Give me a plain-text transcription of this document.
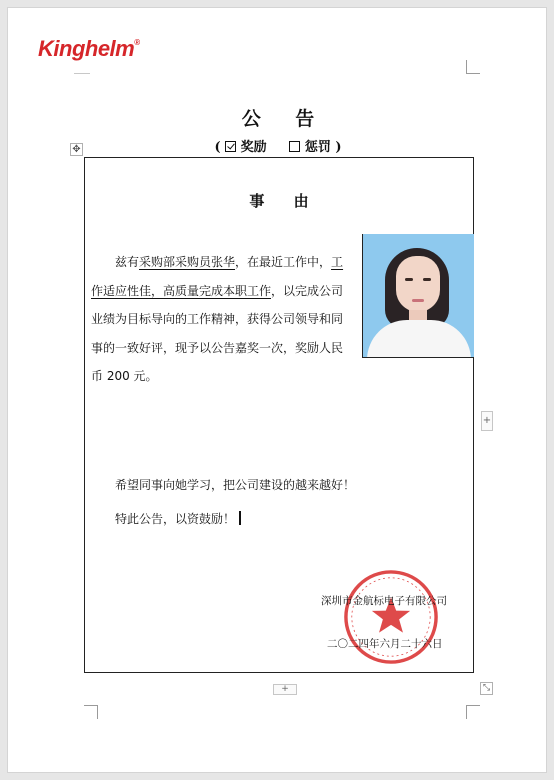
Kinghelm®
公 告
( 奖励	惩罚 )
✥
事 由
兹有采购部采购员张华，在最近工作中，工
作适应性佳，高质量完成本职工作，以完成公司
业绩为目标导向的工作精神，获得公司领导和同
事的一致好评，现予以公告嘉奖一次，奖励人民
币 200 元。
希望同事向她学习，把公司建设的越来越好！
特此公告，以资鼓励！
深圳市金航标电子有限公司
二〇二四年六月二十六日
+
+	⤡
